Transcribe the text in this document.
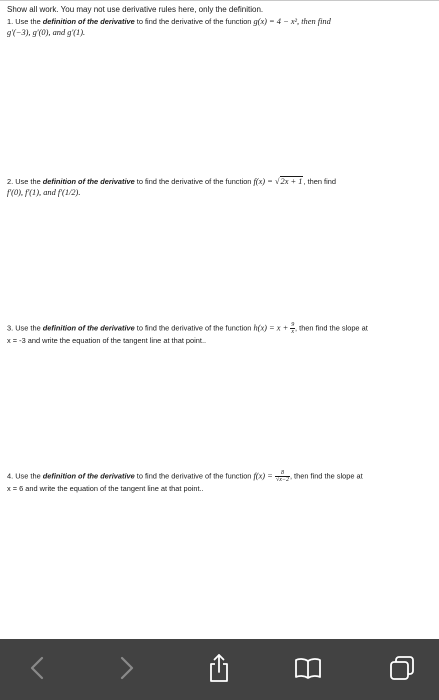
Show all work. You may not use derivative rules here, only the definition.

1. Use the definition of the derivative to find the derivative of the function g(x) = 4 − x², then find
g′(−3), g′(0), and g′(1).

2. Use the definition of the derivative to find the derivative of the function f(x) = √2x + 1, then find
f′(0), f′(1), and f′(1/2).

3. Use the definition of the derivative to find the derivative of the function $h(x) = x + \frac{9}{x}$ , then find the slope at
x = -3 and write the equation of the tangent line at that point..

4. Use the definition of the derivative to find the derivative of the function $f(x) = \frac{8}{√x-2}$ , then find the slope at
x = 6 and write the equation of the tangent line at that point..
